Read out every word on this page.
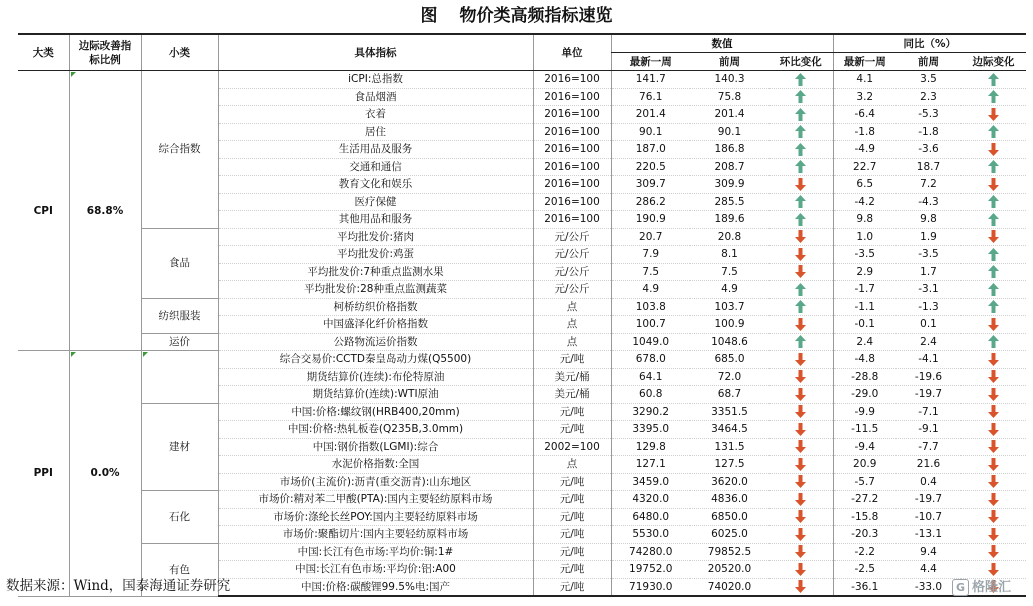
图 物价类高频指标速览
大类	边际改善指标比例	小类	具体指标	单位	数值			同比（%）		
					最新一周	前周	环比变化	最新一周	前周	边际变化
CPI	68.8%	综合指数	iCPI:总指数	2016=100	141.7	140.3		4.1	3.5	
			食品烟酒	2016=100	76.1	75.8		3.2	2.3	
			衣着	2016=100	201.4	201.4		-6.4	-5.3	
			居住	2016=100	90.1	90.1		-1.8	-1.8	
			生活用品及服务	2016=100	187.0	186.8		-4.9	-3.6	
			交通和通信	2016=100	220.5	208.7		22.7	18.7	
			教育文化和娱乐	2016=100	309.7	309.9		6.5	7.2	
			医疗保健	2016=100	286.2	285.5		-4.2	-4.3	
			其他用品和服务	2016=100	190.9	189.6		9.8	9.8	
		食品	平均批发价:猪肉	元/公斤	20.7	20.8		1.0	1.9	
			平均批发价:鸡蛋	元/公斤	7.9	8.1		-3.5	-3.5	
			平均批发价:7种重点监测水果	元/公斤	7.5	7.5		2.9	1.7	
			平均批发价:28种重点监测蔬菜	元/公斤	4.9	4.9		-1.7	-3.1	
		纺织服装	柯桥纺织价格指数	点	103.8	103.7		-1.1	-1.3	
			中国盛泽化纤价格指数	点	100.7	100.9		-0.1	0.1	
		运价	公路物流运价指数	点	1049.0	1048.6		2.4	2.4	
PPI	0.0%		综合交易价:CCTD秦皇岛动力煤(Q5500)	元/吨	678.0	685.0		-4.8	-4.1	
			期货结算价(连续):布伦特原油	美元/桶	64.1	72.0		-28.8	-19.6	
			期货结算价(连续):WTI原油	美元/桶	60.8	68.7		-29.0	-19.7	
		建材	中国:价格:螺纹钢(HRB400,20mm)	元/吨	3290.2	3351.5		-9.9	-7.1	
			中国:价格:热轧板卷(Q235B,3.0mm)	元/吨	3395.0	3464.5		-11.5	-9.1	
			中国:钢价指数(LGMI):综合	2002=100	129.8	131.5		-9.4	-7.7	
			水泥价格指数:全国	点	127.1	127.5		20.9	21.6	
			市场价(主流价):沥青(重交沥青):山东地区	元/吨	3459.0	3620.0		-5.7	0.4	
		石化	市场价:精对苯二甲酸(PTA):国内主要轻纺原料市场	元/吨	4320.0	4836.0		-27.2	-19.7	
			市场价:涤纶长丝POY:国内主要轻纺原料市场	元/吨	6480.0	6850.0		-15.8	-10.7	
			市场价:聚酯切片:国内主要轻纺原料市场	元/吨	5530.0	6025.0		-20.3	-13.1	
		有色	中国:长江有色市场:平均价:铜:1#	元/吨	74280.0	79852.5		-2.2	9.4	
			中国:长江有色市场:平均价:铝:A00	元/吨	19752.0	20520.0		-2.5	4.4	
			中国:价格:碳酸锂99.5%电:国产	元/吨	71930.0	74020.0		-36.1	-33.0	
数据来源：Wind，国泰海通证券研究	G 格隆汇
